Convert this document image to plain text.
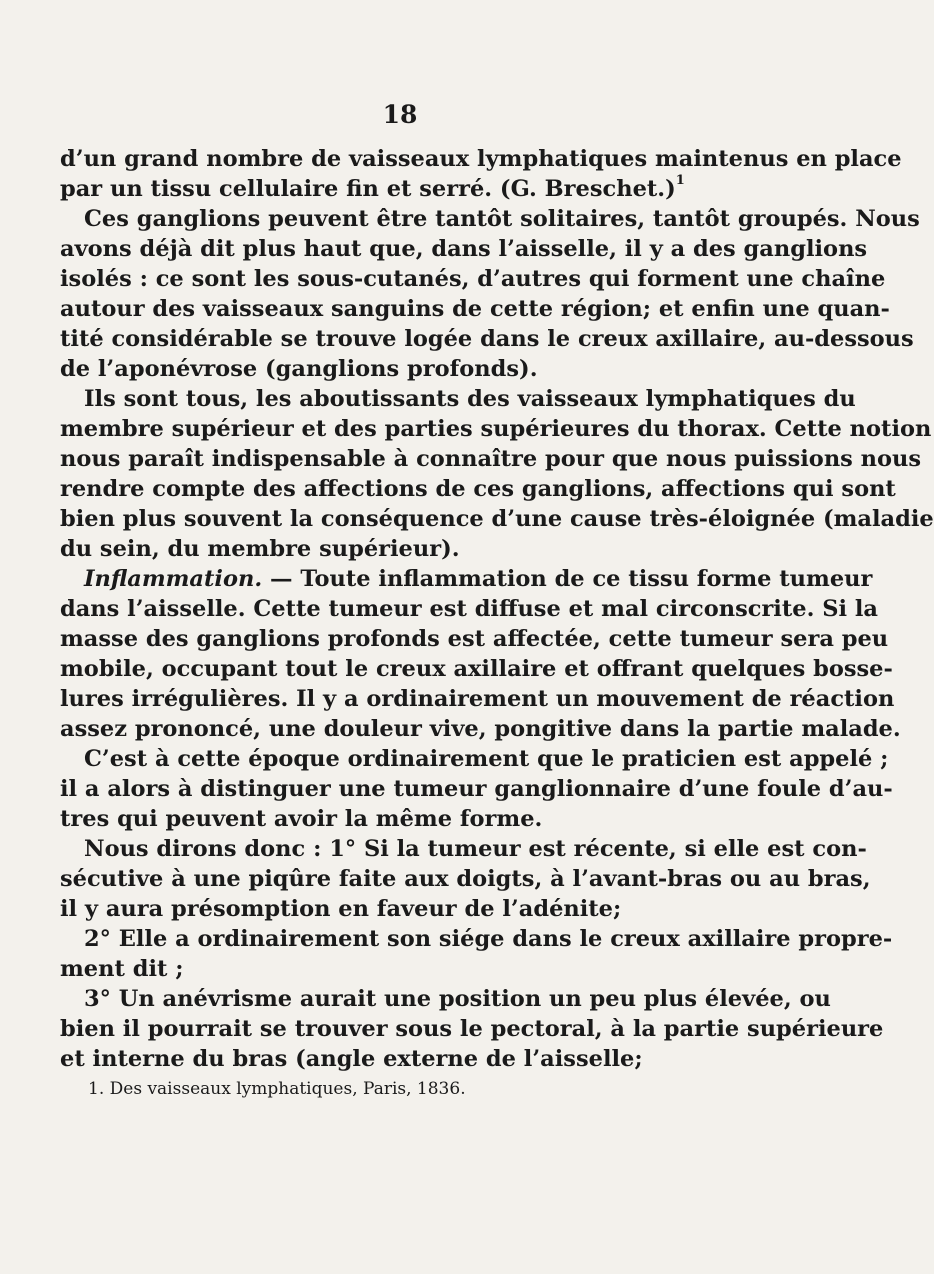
18
d’un grand nombre de vaisseaux lymphatiques maintenus en place
par un tissu cellulaire fin et serré. (G. Breschet.)$^1$
Ces ganglions peuvent être tantôt solitaires, tantôt groupés. Nous
avons déjà dit plus haut que, dans l’aisselle, il y a des ganglions
isolés : ce sont les sous-cutanés, d’autres qui forment une chaîne
autour des vaisseaux sanguins de cette région; et enfin une quan-
tité considérable se trouve logée dans le creux axillaire, au-dessous
de l’aponévrose (ganglions profonds).
Ils sont tous, les aboutissants des vaisseaux lymphatiques du
membre supérieur et des parties supérieures du thorax. Cette notion
nous paraît indispensable à connaître pour que nous puissions nous
rendre compte des affections de ces ganglions, affections qui sont
bien plus souvent la conséquence d’une cause très-éloignée (maladie
du sein, du membre supérieur).
Inflammation. — Toute inflammation de ce tissu forme tumeur
dans l’aisselle. Cette tumeur est diffuse et mal circonscrite. Si la
masse des ganglions profonds est affectée, cette tumeur sera peu
mobile, occupant tout le creux axillaire et offrant quelques bosse-
lures irrégulières. Il y a ordinairement un mouvement de réaction
assez prononcé, une douleur vive, pongitive dans la partie malade.
C’est à cette époque ordinairement que le praticien est appelé ;
il a alors à distinguer une tumeur ganglionnaire d’une foule d’au-
tres qui peuvent avoir la même forme.
Nous dirons donc : 1° Si la tumeur est récente, si elle est con-
sécutive à une piqûre faite aux doigts, à l’avant-bras ou au bras,
il y aura présomption en faveur de l’adénite;
2° Elle a ordinairement son siége dans le creux axillaire propre-
ment dit ;
3° Un anévrisme aurait une position un peu plus élevée, ou
bien il pourrait se trouver sous le pectoral, à la partie supérieure
et interne du bras (angle externe de l’aisselle;
1. Des vaisseaux lymphatiques, Paris, 1836.
